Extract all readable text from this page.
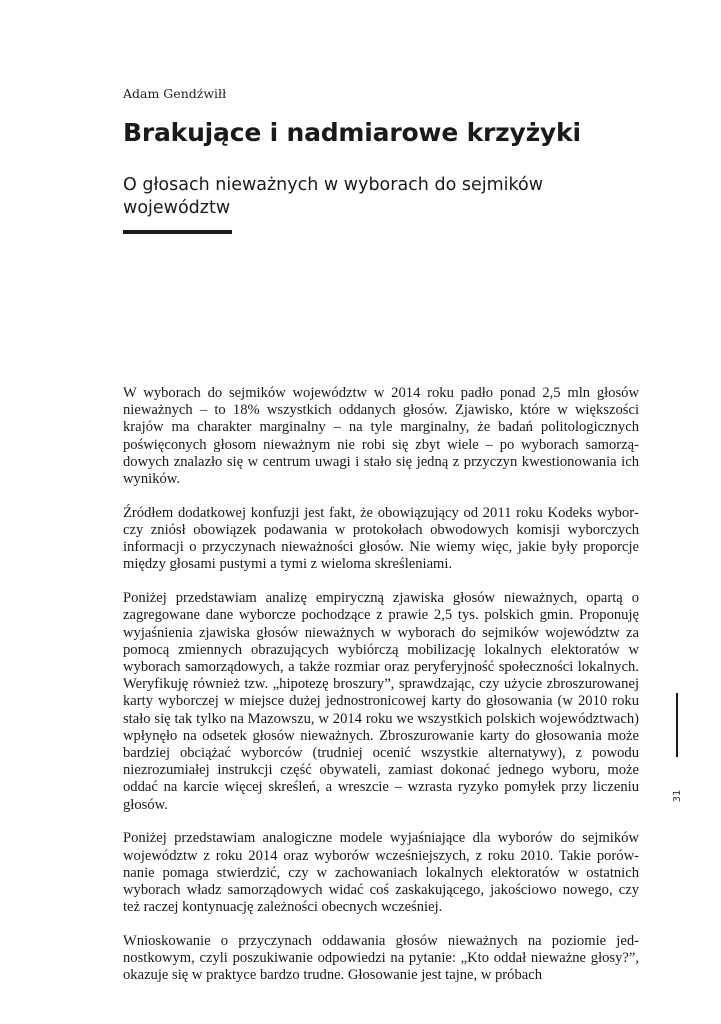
Adam Gendźwiłł
Brakujące i nadmiarowe krzyżyki
O głosach nieważnych w wyborach do sejmików województw

W wyborach do sejmików województw w 2014 roku padło ponad 2,5 mln głosów nieważnych – to 18% wszystkich oddanych głosów. Zjawisko, które w większości krajów ma charakter marginalny – na tyle marginalny, że badań politologicznych poświęconych głosom nieważnym nie robi się zbyt wiele – po wyborach samorządowych znalazło się w centrum uwagi i stało się jedną z przyczyn kwestionowania ich wyników.

Źródłem dodatkowej konfuzji jest fakt, że obowiązujący od 2011 roku Kodeks wyborczy zniósł obowiązek podawania w protokołach obwodowych komisji wyborczych informacji o przyczynach nieważności głosów. Nie wiemy więc, jakie były proporcje między głosami pustymi a tymi z wieloma skreśleniami.

Poniżej przedstawiam analizę empiryczną zjawiska głosów nieważnych, opartą o zagregowane dane wyborcze pochodzące z prawie 2,5 tys. polskich gmin. Proponuję wyjaśnienia zjawiska głosów nieważnych w wyborach do sejmików województw za pomocą zmiennych obrazujących wybiórczą mobilizację lokalnych elektoratów w wyborach samorządowych, a także rozmiar oraz peryferyjność społeczności lokalnych. Weryfikuję również tzw. „hipotezę broszury”, sprawdzając, czy użycie zbroszurowanej karty wyborczej w miejsce dużej jednostronicowej karty do głosowania (w 2010 roku stało się tak tylko na Mazowszu, w 2014 roku we wszystkich polskich województwach) wpłynęło na odsetek głosów nieważnych. Zbroszurowanie karty do głosowania może bardziej obciążać wyborców (trudniej ocenić wszystkie alternatywy), z powodu niezrozumiałej instrukcji część obywateli, zamiast dokonać jednego wyboru, może oddać na karcie więcej skreśleń, a wreszcie – wzrasta ryzyko pomyłek przy liczeniu głosów.

Poniżej przedstawiam analogiczne modele wyjaśniające dla wyborów do sejmików województw z roku 2014 oraz wyborów wcześniejszych, z roku 2010. Takie porównanie pomaga stwierdzić, czy w zachowaniach lokalnych elektoratów w ostatnich wyborach władz samorządowych widać coś zaskakującego, jakościowo nowego, czy też raczej kontynuację zależności obecnych wcześniej.

Wnioskowanie o przyczynach oddawania głosów nieważnych na poziomie jednostkowym, czyli poszukiwanie odpowiedzi na pytanie: „Kto oddał nieważne głosy?”, okazuje się w praktyce bardzo trudne. Głosowanie jest tajne, w próbach

31
